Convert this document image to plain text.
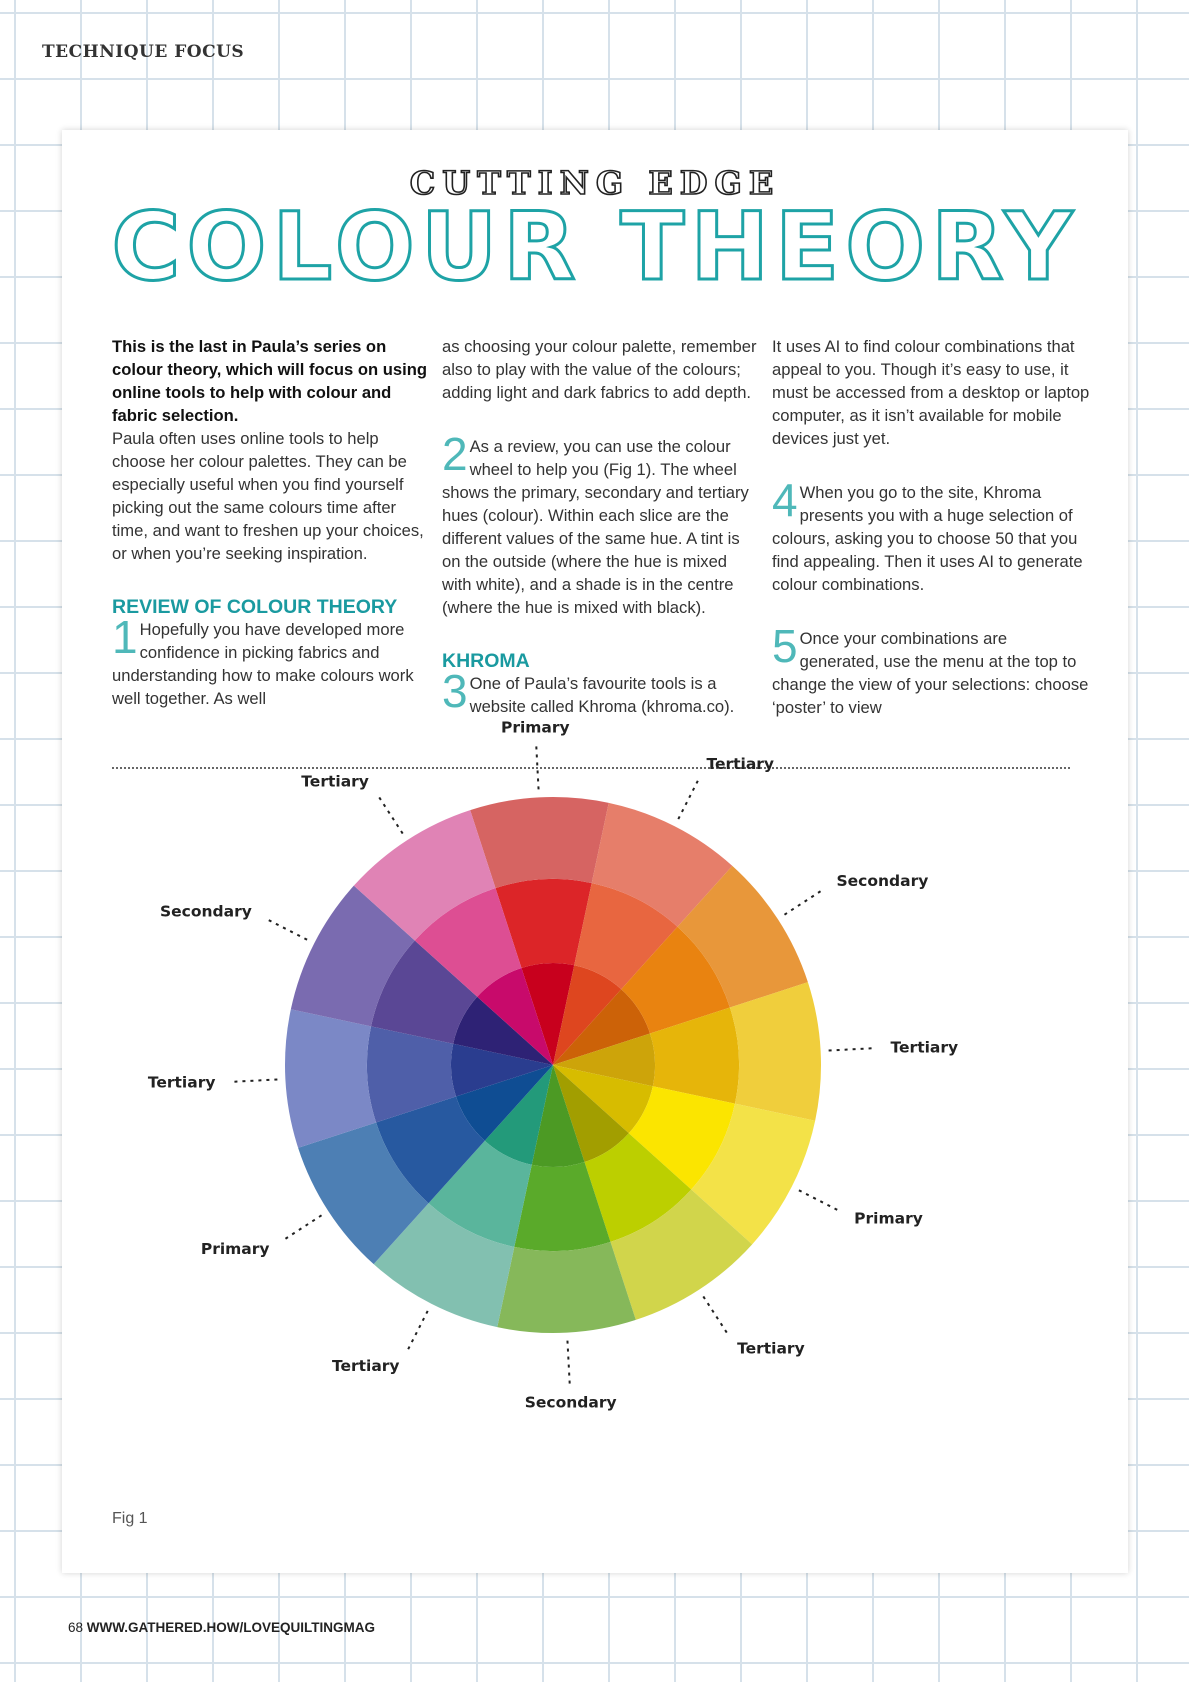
TECHNIQUE FOCUS
CUTTING EDGE
COLOUR THEORY

This is the last in Paula’s series on colour theory, which will focus on using online tools to help with colour and fabric selection.

Paula often uses online tools to help choose her colour palettes. They can be especially useful when you find yourself picking out the same colours time after time, and want to freshen up your choices, or when you’re seeking inspiration.

REVIEW OF COLOUR THEORY

1 Hopefully you have developed more confidence in picking fabrics and understanding how to make colours work well together. As well

as choosing your colour palette, remember also to play with the value of the colours; adding light and dark fabrics to add depth.

2 As a review, you can use the colour wheel to help you (Fig 1). The wheel shows the primary, secondary and tertiary hues (colour). Within each slice are the different values of the same hue. A tint is on the outside (where the hue is mixed with white), and a shade is in the centre (where the hue is mixed with black).

KHROMA

3 One of Paula’s favourite tools is a website called Khroma (khroma.co).

It uses AI to find colour combinations that appeal to you. Though it’s easy to use, it must be accessed from a desktop or laptop computer, as it isn’t available for mobile devices just yet.

4 When you go to the site, Khroma presents you with a huge selection of colours, asking you to choose 50 that you find appealing. Then it uses AI to generate colour combinations.

5 Once your combinations are generated, use the menu at the top to change the view of your selections: choose ‘poster’ to view

Primary
Tertiary
Secondary
Tertiary
Primary
Tertiary
Secondary
Tertiary
Primary
Tertiary
Secondary
Tertiary
Fig 1
68 WWW.GATHERED.HOW/LOVEQUILTINGMAG
